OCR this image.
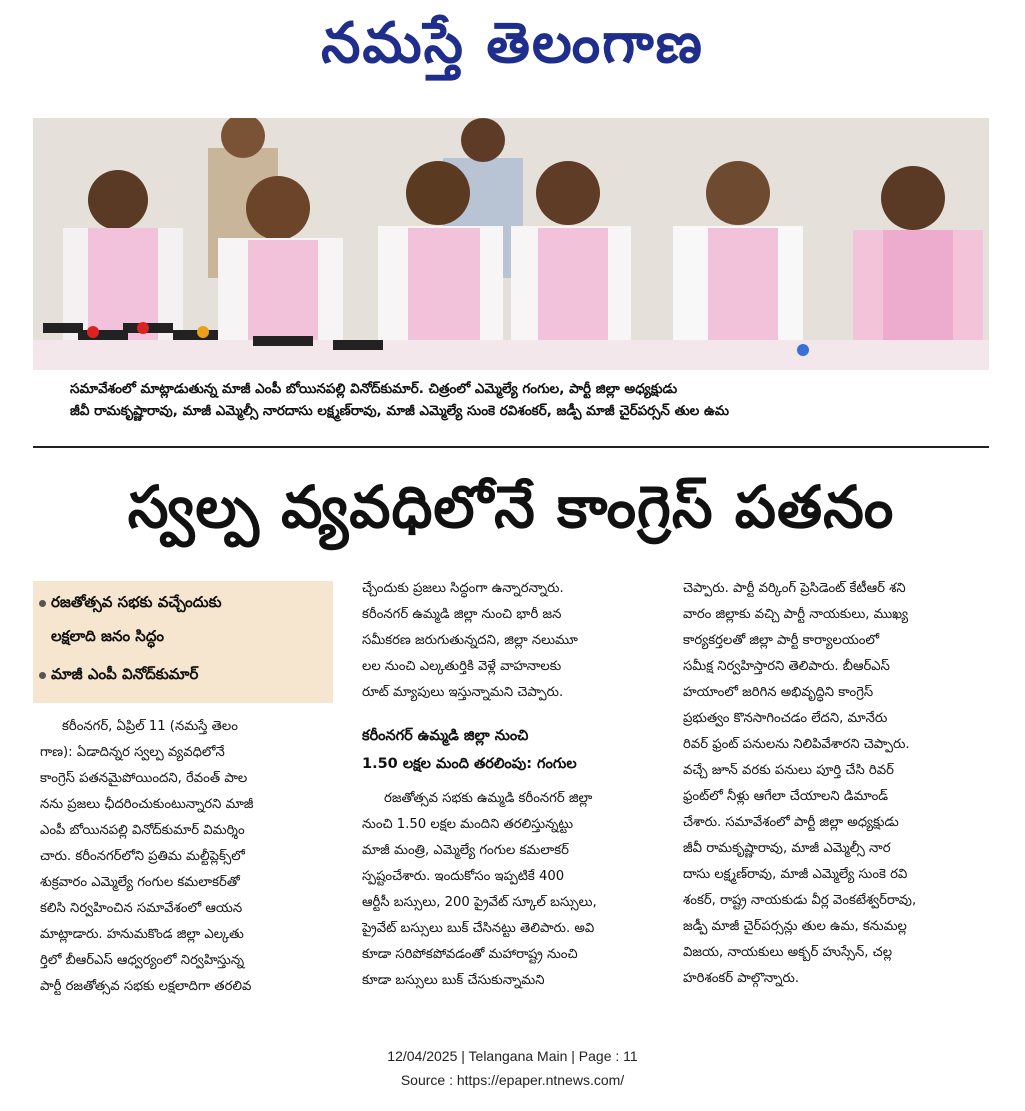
నమస్తే తెలంగాణ
సమావేశంలో మాట్లాడుతున్న మాజీ ఎంపీ బోయినపల్లి వినోద్‌కుమార్. చిత్రంలో ఎమ్మెల్యే గంగుల, పార్టీ జిల్లా అధ్యక్షుడు
జీవీ రామకృష్ణారావు, మాజీ ఎమ్మెల్సీ నారదాసు లక్ష్మణ్‌రావు, మాజీ ఎమ్మెల్యే సుంకె రవిశంకర్, జడ్పీ మాజీ చైర్‌పర్సన్ తుల ఉమ
స్వల్ప వ్యవధిలోనే కాంగ్రెస్ పతనం
రజతోత్సవ సభకు వచ్చేందుకు
లక్షలాది జనం సిద్ధం
మాజీ ఎంపీ వినోద్‌కుమార్
కరీంనగర్, ఏప్రిల్ 11 (నమస్తే తెలం
గాణ): ఏడాదిన్నర స్వల్ప వ్యవధిలోనే
కాంగ్రెస్ పతనమైపోయిందని, రేవంత్ పాల
నను ప్రజలు ఛీదరించుకుంటున్నారని మాజీ
ఎంపీ బోయినపల్లి వినోద్‌కుమార్ విమర్శిం
చారు. కరీంనగర్‌లోని ప్రతిమ మల్టీప్లెక్స్‌లో
శుక్రవారం ఎమ్మెల్యే గంగుల కమలాకర్‌తో
కలిసి నిర్వహించిన సమావేశంలో ఆయన
మాట్లాడారు. హనుమకొండ జిల్లా ఎల్కతు
ర్తిలో బీఆర్‌ఎస్ ఆధ్వర్యంలో నిర్వహిస్తున్న
పార్టీ రజతోత్సవ సభకు లక్షలాదిగా తరలివ
చ్చేందుకు ప్రజలు సిద్ధంగా ఉన్నారన్నారు.
కరీంనగర్ ఉమ్మడి జిల్లా నుంచి భారీ జన
సమీకరణ జరుగుతున్నదని, జిల్లా నలుమూ
లల నుంచి ఎల్కతుర్తికి వెళ్లే వాహనాలకు
రూట్ మ్యాపులు ఇస్తున్నామని చెప్పారు.
కరీంనగర్ ఉమ్మడి జిల్లా నుంచి
1.50 లక్షల మంది తరలింపు: గంగుల
రజతోత్సవ సభకు ఉమ్మడి కరీంనగర్ జిల్లా
నుంచి 1.50 లక్షల మందిని తరలిస్తున్నట్టు
మాజీ మంత్రి, ఎమ్మెల్యే గంగుల కమలాకర్
స్పష్టంచేశారు. ఇందుకోసం ఇప్పటికే 400
ఆర్టీసీ బస్సులు, 200 ప్రైవేట్ స్కూల్ బస్సులు,
ప్రైవేట్ బస్సులు బుక్ చేసినట్టు తెలిపారు. అవి
కూడా సరిపోకపోవడంతో మహారాష్ట్ర నుంచి
కూడా బస్సులు బుక్ చేసుకున్నామని
చెప్పారు. పార్టీ వర్కింగ్ ప్రెసిడెంట్ కేటీఆర్ శని
వారం జిల్లాకు వచ్చి పార్టీ నాయకులు, ముఖ్య
కార్యకర్తలతో జిల్లా పార్టీ కార్యాలయంలో
సమీక్ష నిర్వహిస్తారని తెలిపారు. బీఆర్‌ఎస్
హయాంలో జరిగిన అభివృద్ధిని కాంగ్రెస్
ప్రభుత్వం కొనసాగించడం లేదని, మానేరు
రివర్ ఫ్రంట్ పనులను నిలిపివేశారని చెప్పారు.
వచ్చే జూన్ వరకు పనులు పూర్తి చేసి రివర్
ఫ్రంట్‌లో నీళ్లు ఆగేలా చేయాలని డిమాండ్
చేశారు. సమావేశంలో పార్టీ జిల్లా అధ్యక్షుడు
జీవీ రామకృష్ణారావు, మాజీ ఎమ్మెల్సీ నార
దాసు లక్ష్మణ్‌రావు, మాజీ ఎమ్మెల్యే సుంకె రవి
శంకర్, రాష్ట్ర నాయకుడు వీర్ల వెంకటేశ్వర్‌రావు,
జడ్పీ మాజీ చైర్‌పర్సన్లు తుల ఉమ, కనుమల్ల
విజయ, నాయకులు అక్బర్ హుస్సేన్, చల్ల
హరిశంకర్ పాల్గొన్నారు.
12/04/2025 | Telangana Main | Page : 11
Source : https://epaper.ntnews.com/
